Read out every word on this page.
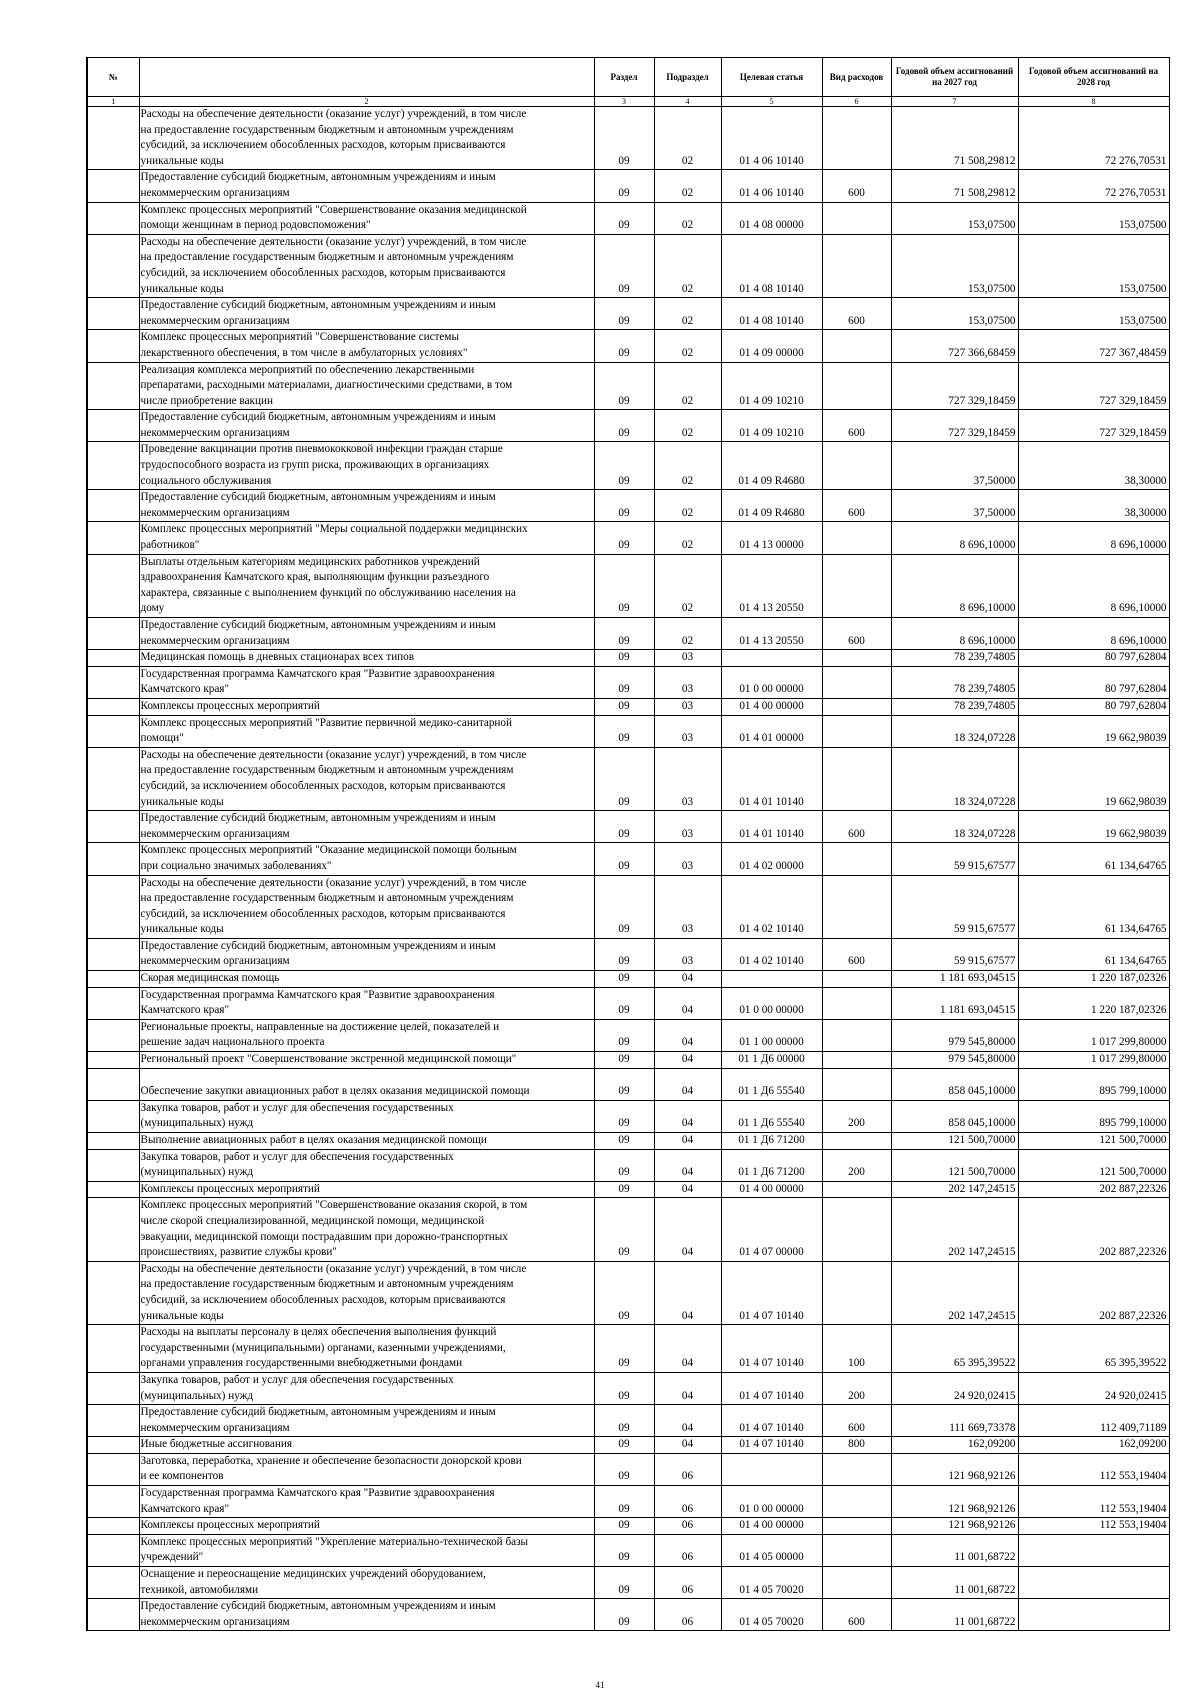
№		Раздел	Подраздел	Целевая статья	Вид расходов	Годовой объем ассигнований на 2027 год	Годовой объем ассигнований на 2028 год
1	2	3	4	5	6	7	8

	Расходы на обеспечение деятельности (оказание услуг) учреждений, в том числе
на предоставление государственным бюджетным и автономным учреждениям
субсидий, за исключением обособленных расходов, которым присваиваются
уникальные коды	09	02	01 4 06 10140		71 508,29812	72 276,70531

	Предоставление субсидий бюджетным, автономным учреждениям и иным
некоммерческим организациям	09	02	01 4 06 10140	600	71 508,29812	72 276,70531

	Комплекс процессных мероприятий "Совершенствование оказания медицинской
помощи женщинам в период родовспоможения"	09	02	01 4 08 00000		153,07500	153,07500

	Расходы на обеспечение деятельности (оказание услуг) учреждений, в том числе
на предоставление государственным бюджетным и автономным учреждениям
субсидий, за исключением обособленных расходов, которым присваиваются
уникальные коды	09	02	01 4 08 10140		153,07500	153,07500

	Предоставление субсидий бюджетным, автономным учреждениям и иным
некоммерческим организациям	09	02	01 4 08 10140	600	153,07500	153,07500

	Комплекс процессных мероприятий "Совершенствование системы
лекарственного обеспечения, в том числе в амбулаторных условиях"	09	02	01 4 09 00000		727 366,68459	727 367,48459

	Реализация комплекса мероприятий по обеспечению лекарственными
препаратами, расходными материалами, диагностическими средствами, в том
числе приобретение вакцин	09	02	01 4 09 10210		727 329,18459	727 329,18459

	Предоставление субсидий бюджетным, автономным учреждениям и иным
некоммерческим организациям	09	02	01 4 09 10210	600	727 329,18459	727 329,18459

	Проведение вакцинации против пневмококковой инфекции граждан старше
трудоспособного возраста из групп риска, проживающих в организациях
социального обслуживания	09	02	01 4 09 R4680		37,50000	38,30000

	Предоставление субсидий бюджетным, автономным учреждениям и иным
некоммерческим организациям	09	02	01 4 09 R4680	600	37,50000	38,30000

	Комплекс процессных мероприятий "Меры социальной поддержки медицинских
работников"	09	02	01 4 13 00000		8 696,10000	8 696,10000

	Выплаты отдельным категориям медицинских работников учреждений
здравоохранения Камчатского края, выполняющим функции разъездного
характера, связанные с выполнением функций по обслуживанию населения на
дому	09	02	01 4 13 20550		8 696,10000	8 696,10000

	Предоставление субсидий бюджетным, автономным учреждениям и иным
некоммерческим организациям	09	02	01 4 13 20550	600	8 696,10000	8 696,10000

	Медицинская помощь в дневных стационарах всех типов	09	03			78 239,74805	80 797,62804

	Государственная программа Камчатского края "Развитие здравоохранения
Камчатского края"	09	03	01 0 00 00000		78 239,74805	80 797,62804

	Комплексы процессных мероприятий	09	03	01 4 00 00000		78 239,74805	80 797,62804

	Комплекс процессных мероприятий "Развитие первичной медико-санитарной
помощи"	09	03	01 4 01 00000		18 324,07228	19 662,98039

	Расходы на обеспечение деятельности (оказание услуг) учреждений, в том числе
на предоставление государственным бюджетным и автономным учреждениям
субсидий, за исключением обособленных расходов, которым присваиваются
уникальные коды	09	03	01 4 01 10140		18 324,07228	19 662,98039

	Предоставление субсидий бюджетным, автономным учреждениям и иным
некоммерческим организациям	09	03	01 4 01 10140	600	18 324,07228	19 662,98039

	Комплекс процессных мероприятий "Оказание медицинской помощи больным
при социально значимых заболеваниях"	09	03	01 4 02 00000		59 915,67577	61 134,64765

	Расходы на обеспечение деятельности (оказание услуг) учреждений, в том числе
на предоставление государственным бюджетным и автономным учреждениям
субсидий, за исключением обособленных расходов, которым присваиваются
уникальные коды	09	03	01 4 02 10140		59 915,67577	61 134,64765

	Предоставление субсидий бюджетным, автономным учреждениям и иным
некоммерческим организациям	09	03	01 4 02 10140	600	59 915,67577	61 134,64765

	Скорая медицинская помощь	09	04			1 181 693,04515	1 220 187,02326

	Государственная программа Камчатского края "Развитие здравоохранения
Камчатского края"	09	04	01 0 00 00000		1 181 693,04515	1 220 187,02326

	Региональные проекты, направленные на достижение целей, показателей и
решение задач национального проекта	09	04	01 1 00 00000		979 545,80000	1 017 299,80000

	Региональный проект "Совершенствование экстренной медицинской помощи"	09	04	01 1 Д6 00000		979 545,80000	1 017 299,80000

	Обеспечение закупки авиационных работ в целях оказания медицинской помощи	09	04	01 1 Д6 55540		858 045,10000	895 799,10000

	Закупка товаров, работ и услуг для обеспечения государственных
(муниципальных) нужд	09	04	01 1 Д6 55540	200	858 045,10000	895 799,10000

	Выполнение авиационных работ в целях оказания медицинской помощи	09	04	01 1 Д6 71200		121 500,70000	121 500,70000

	Закупка товаров, работ и услуг для обеспечения государственных
(муниципальных) нужд	09	04	01 1 Д6 71200	200	121 500,70000	121 500,70000

	Комплексы процессных мероприятий	09	04	01 4 00 00000		202 147,24515	202 887,22326

	Комплекс процессных мероприятий "Совершенствование оказания скорой, в том
числе скорой специализированной, медицинской помощи, медицинской
эвакуации, медицинской помощи пострадавшим при дорожно-транспортных
происшествиях, развитие службы крови"	09	04	01 4 07 00000		202 147,24515	202 887,22326

	Расходы на обеспечение деятельности (оказание услуг) учреждений, в том числе
на предоставление государственным бюджетным и автономным учреждениям
субсидий, за исключением обособленных расходов, которым присваиваются
уникальные коды	09	04	01 4 07 10140		202 147,24515	202 887,22326

	Расходы на выплаты персоналу в целях обеспечения выполнения функций
государственными (муниципальными) органами, казенными учреждениями,
органами управления государственными внебюджетными фондами	09	04	01 4 07 10140	100	65 395,39522	65 395,39522

	Закупка товаров, работ и услуг для обеспечения государственных
(муниципальных) нужд	09	04	01 4 07 10140	200	24 920,02415	24 920,02415

	Предоставление субсидий бюджетным, автономным учреждениям и иным
некоммерческим организациям	09	04	01 4 07 10140	600	111 669,73378	112 409,71189

	Иные бюджетные ассигнования	09	04	01 4 07 10140	800	162,09200	162,09200

	Заготовка, переработка, хранение и обеспечение безопасности донорской крови
и ее компонентов	09	06			121 968,92126	112 553,19404

	Государственная программа Камчатского края "Развитие здравоохранения
Камчатского края"	09	06	01 0 00 00000		121 968,92126	112 553,19404

	Комплексы процессных мероприятий	09	06	01 4 00 00000		121 968,92126	112 553,19404

	Комплекс процессных мероприятий "Укрепление материально-технической базы
учреждений"	09	06	01 4 05 00000		11 001,68722	

	Оснащение и переоснащение медицинских учреждений оборудованием,
техникой, автомобилями	09	06	01 4 05 70020		11 001,68722	

	Предоставление субсидий бюджетным, автономным учреждениям и иным
некоммерческим организациям	09	06	01 4 05 70020	600	11 001,68722	
41
